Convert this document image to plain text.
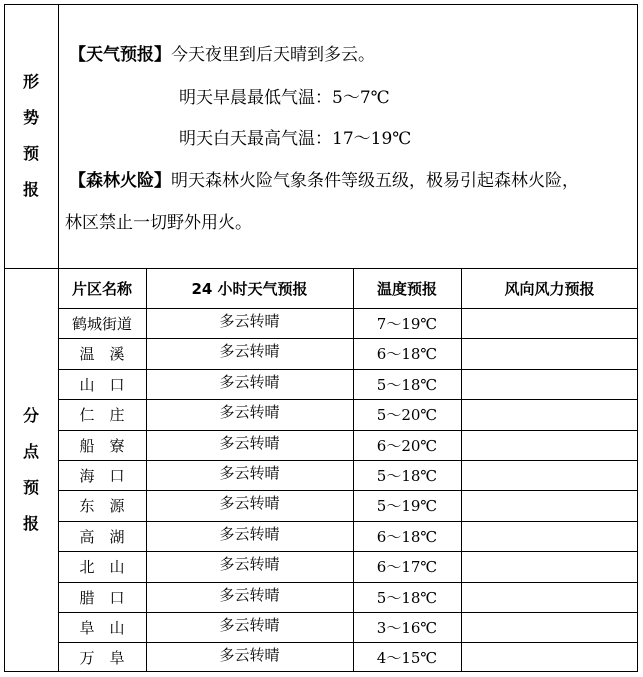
形
势
预
报
【天气预报】今天夜里到后天晴到多云。
明天早晨最低气温：5～7℃
明天白天最高气温：17～19℃
【森林火险】明天森林火险气象条件等级五级，极易引起森林火险，
林区禁止一切野外用火。
分
点
预
报
片区名称	24 小时天气预报	温度预报	风向风力预报
鹤城街道	多云转晴	7～19℃
温　溪	多云转晴	6～18℃
山　口	多云转晴	5～18℃
仁　庄	多云转晴	5～20℃
船　寮	多云转晴	6～20℃
海　口	多云转晴	5～18℃
东　源	多云转晴	5～19℃
高　湖	多云转晴	6～18℃
北　山	多云转晴	6～17℃
腊　口	多云转晴	5～18℃
阜　山	多云转晴	3～16℃
万　阜	多云转晴	4～15℃
